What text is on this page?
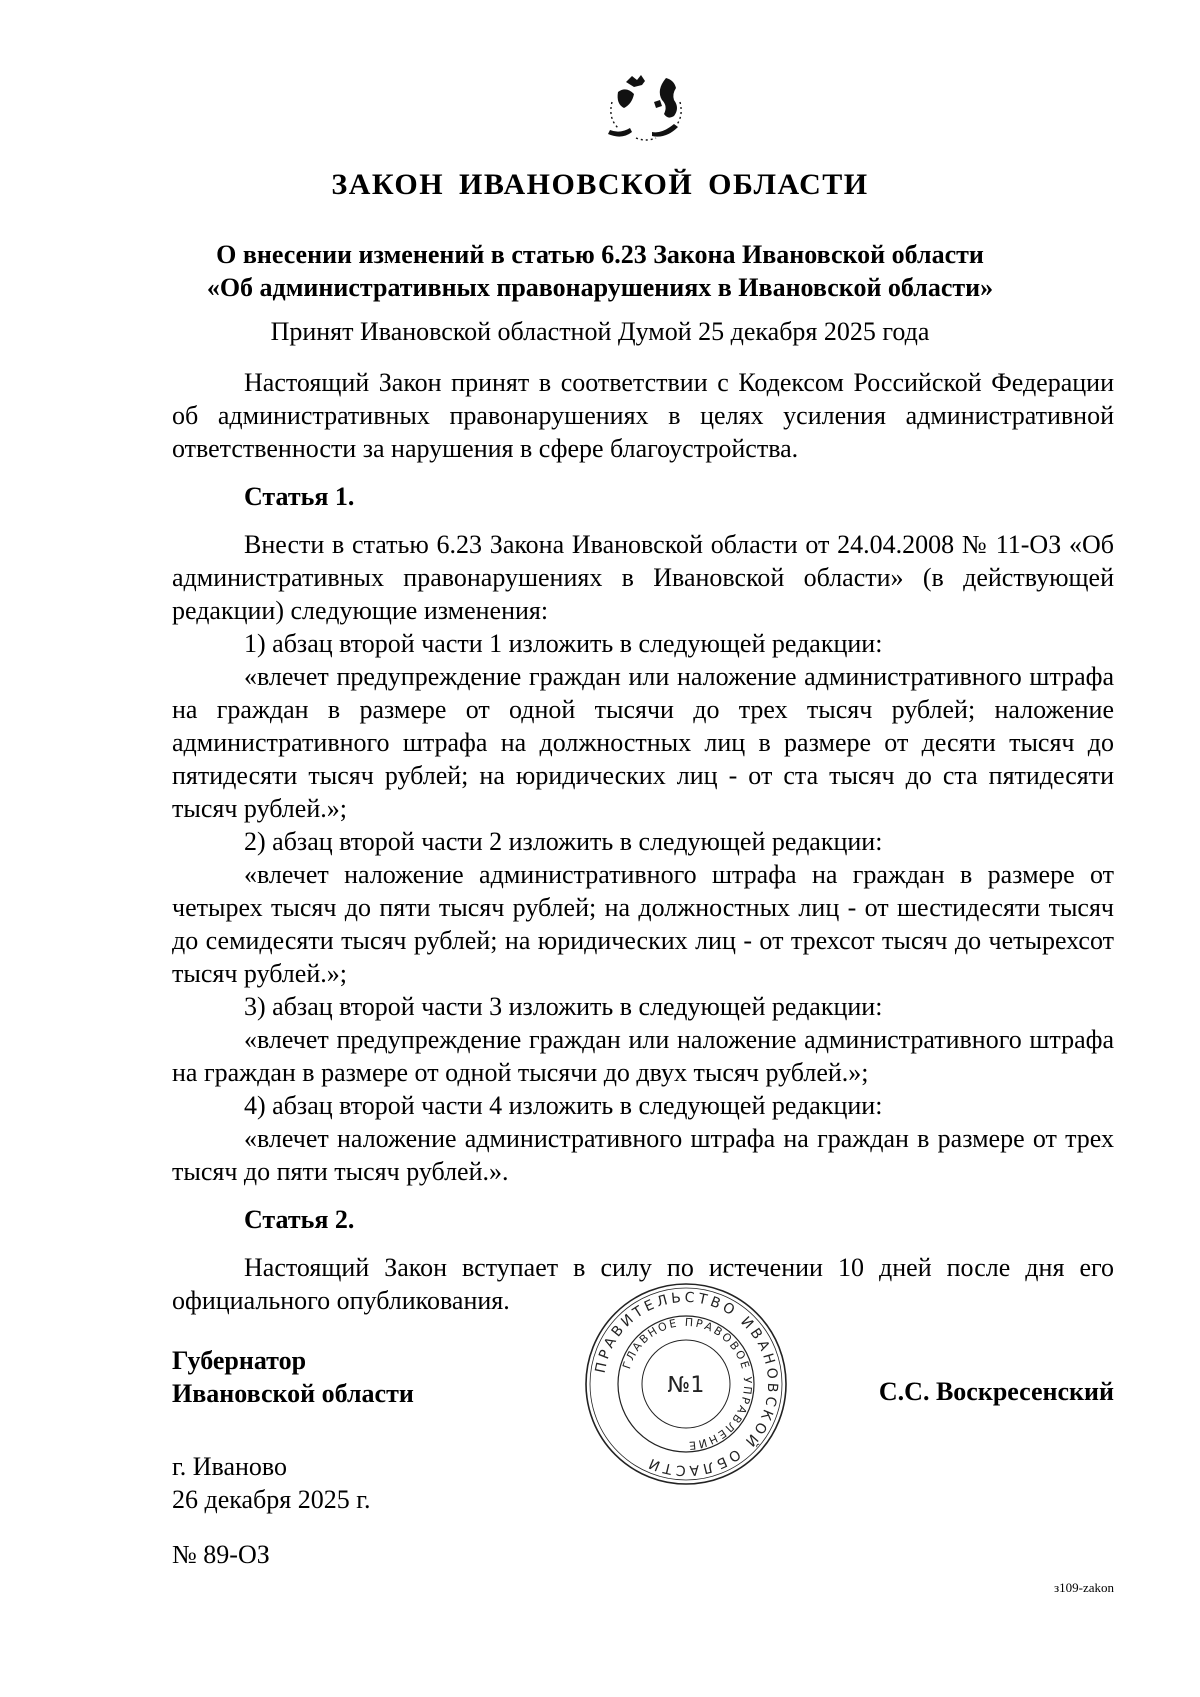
ЗАКОН ИВАНОВСКОЙ ОБЛАСТИ
О внесении изменений в статью 6.23 Закона Ивановской области
«Об административных правонарушениях в Ивановской области»
Принят Ивановской областной Думой 25 декабря 2025 года

Настоящий Закон принят в соответствии с Кодексом Российской Федерации об административных правонарушениях в целях усиления административной ответственности за нарушения в сфере благоустройства.

Статья 1.

Внести в статью 6.23 Закона Ивановской области от 24.04.2008 № 11-ОЗ «Об административных правонарушениях в Ивановской области» (в действующей редакции) следующие изменения:

1) абзац второй части 1 изложить в следующей редакции:

«влечет предупреждение граждан или наложение административного штрафа на граждан в размере от одной тысячи до трех тысяч рублей; наложение административного штрафа на должностных лиц в размере от десяти тысяч до пятидесяти тысяч рублей; на юридических лиц - от ста тысяч до ста пятидесяти тысяч рублей.»;

2) абзац второй части 2 изложить в следующей редакции:

«влечет наложение административного штрафа на граждан в размере от четырех тысяч до пяти тысяч рублей; на должностных лиц - от шестидесяти тысяч до семидесяти тысяч рублей; на юридических лиц - от трехсот тысяч до четырехсот тысяч рублей.»;

3) абзац второй части 3 изложить в следующей редакции:

«влечет предупреждение граждан или наложение административного штрафа на граждан в размере от одной тысячи до двух тысяч рублей.»;

4) абзац второй части 4 изложить в следующей редакции:

«влечет наложение административного штрафа на граждан в размере от трех тысяч до пяти тысяч рублей.».

Статья 2.

Настоящий Закон вступает в силу по истечении 10 дней после дня его официального опубликования.

Губернатор
Ивановской области
ПРАВИТЕЛЬСТВО ИВАНОВСКОЙ ОБЛАСТИ
ГЛАВНОЕ ПРАВОВОЕ УПРАВЛЕНИЕ
№1	С.С. Воскресенский
г. Иваново
26 декабря 2025 г.
№ 89-ОЗ
з109-zakon
